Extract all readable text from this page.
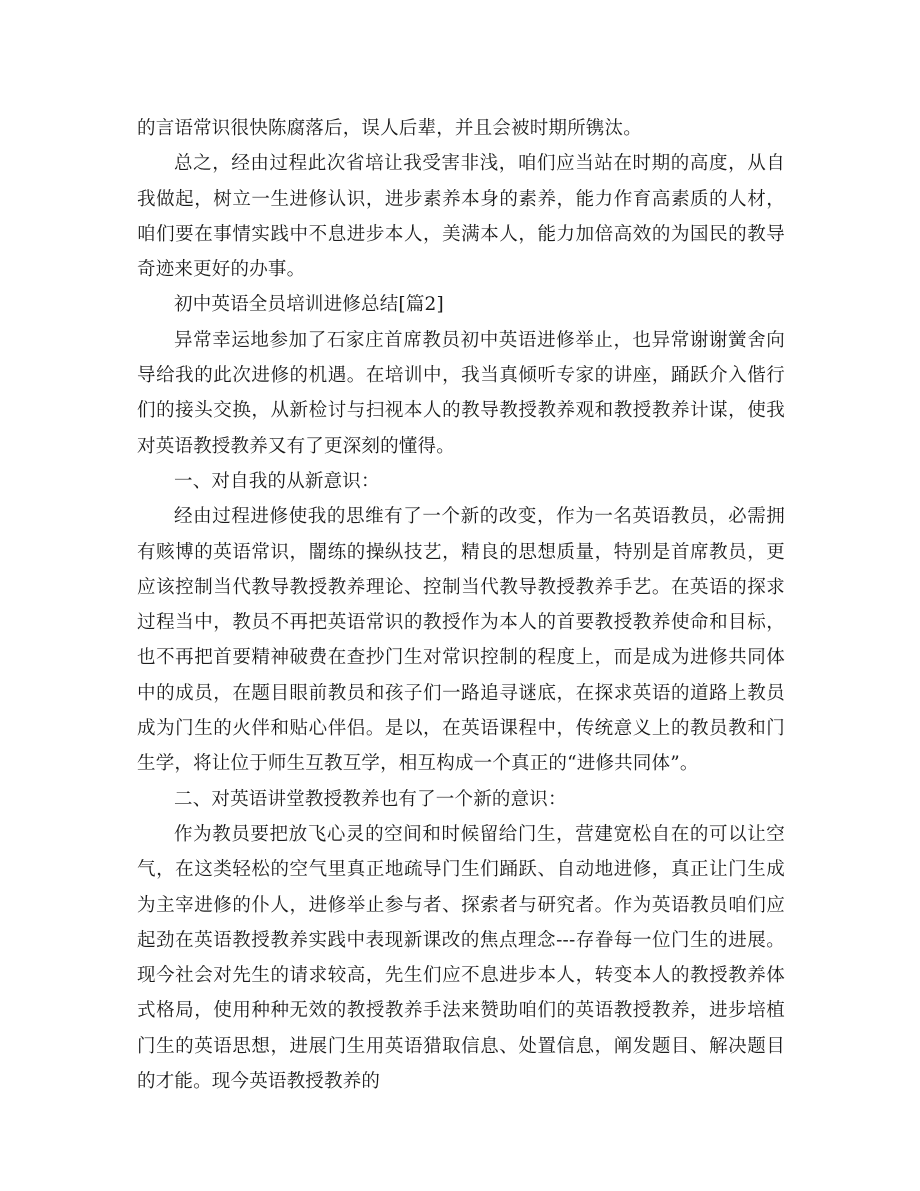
的言语常识很快陈腐落后，误人后辈，并且会被时期所镌汰。

总之，经由过程此次省培让我受害非浅，咱们应当站在时期的高度，从自我做起，树立一生进修认识，进步素养本身的素养，能力作育高素质的人材，咱们要在事情实践中不息进步本人，美满本人，能力加倍高效的为国民的教导奇迹来更好的办事。

初中英语全员培训进修总结[篇2]

异常幸运地参加了石家庄首席教员初中英语进修举止，也异常谢谢黉舍向导给我的此次进修的机遇。在培训中，我当真倾听专家的讲座，踊跃介入偕行们的接头交换，从新检讨与扫视本人的教导教授教养观和教授教养计谋，使我对英语教授教养又有了更深刻的懂得。

一、对自我的从新意识：

经由过程进修使我的思维有了一个新的改变，作为一名英语教员，必需拥有赅博的英语常识，闇练的操纵技艺，精良的思想质量，特别是首席教员，更应该控制当代教导教授教养理论、控制当代教导教授教养手艺。在英语的探求过程当中，教员不再把英语常识的教授作为本人的首要教授教养使命和目标，也不再把首要精神破费在查抄门生对常识控制的程度上，而是成为进修共同体中的成员，在题目眼前教员和孩子们一路追寻谜底，在探求英语的道路上教员成为门生的火伴和贴心伴侣。是以，在英语课程中，传统意义上的教员教和门生学，将让位于师生互教互学，相互构成一个真正的“进修共同体”。

二、对英语讲堂教授教养也有了一个新的意识：

作为教员要把放飞心灵的空间和时候留给门生，营建宽松自在的可以让空气，在这类轻松的空气里真正地疏导门生们踊跃、自动地进修，真正让门生成为主宰进修的仆人，进修举止参与者、探索者与研究者。作为英语教员咱们应起劲在英语教授教养实践中表现新课改的焦点理念---存眷每一位门生的进展。现今社会对先生的请求较高，先生们应不息进步本人，转变本人的教授教养体式格局，使用种种无效的教授教养手法来赞助咱们的英语教授教养，进步培植门生的英语思想，进展门生用英语猎取信息、处置信息，阐发题目、解决题目的才能。现今英语教授教养的
